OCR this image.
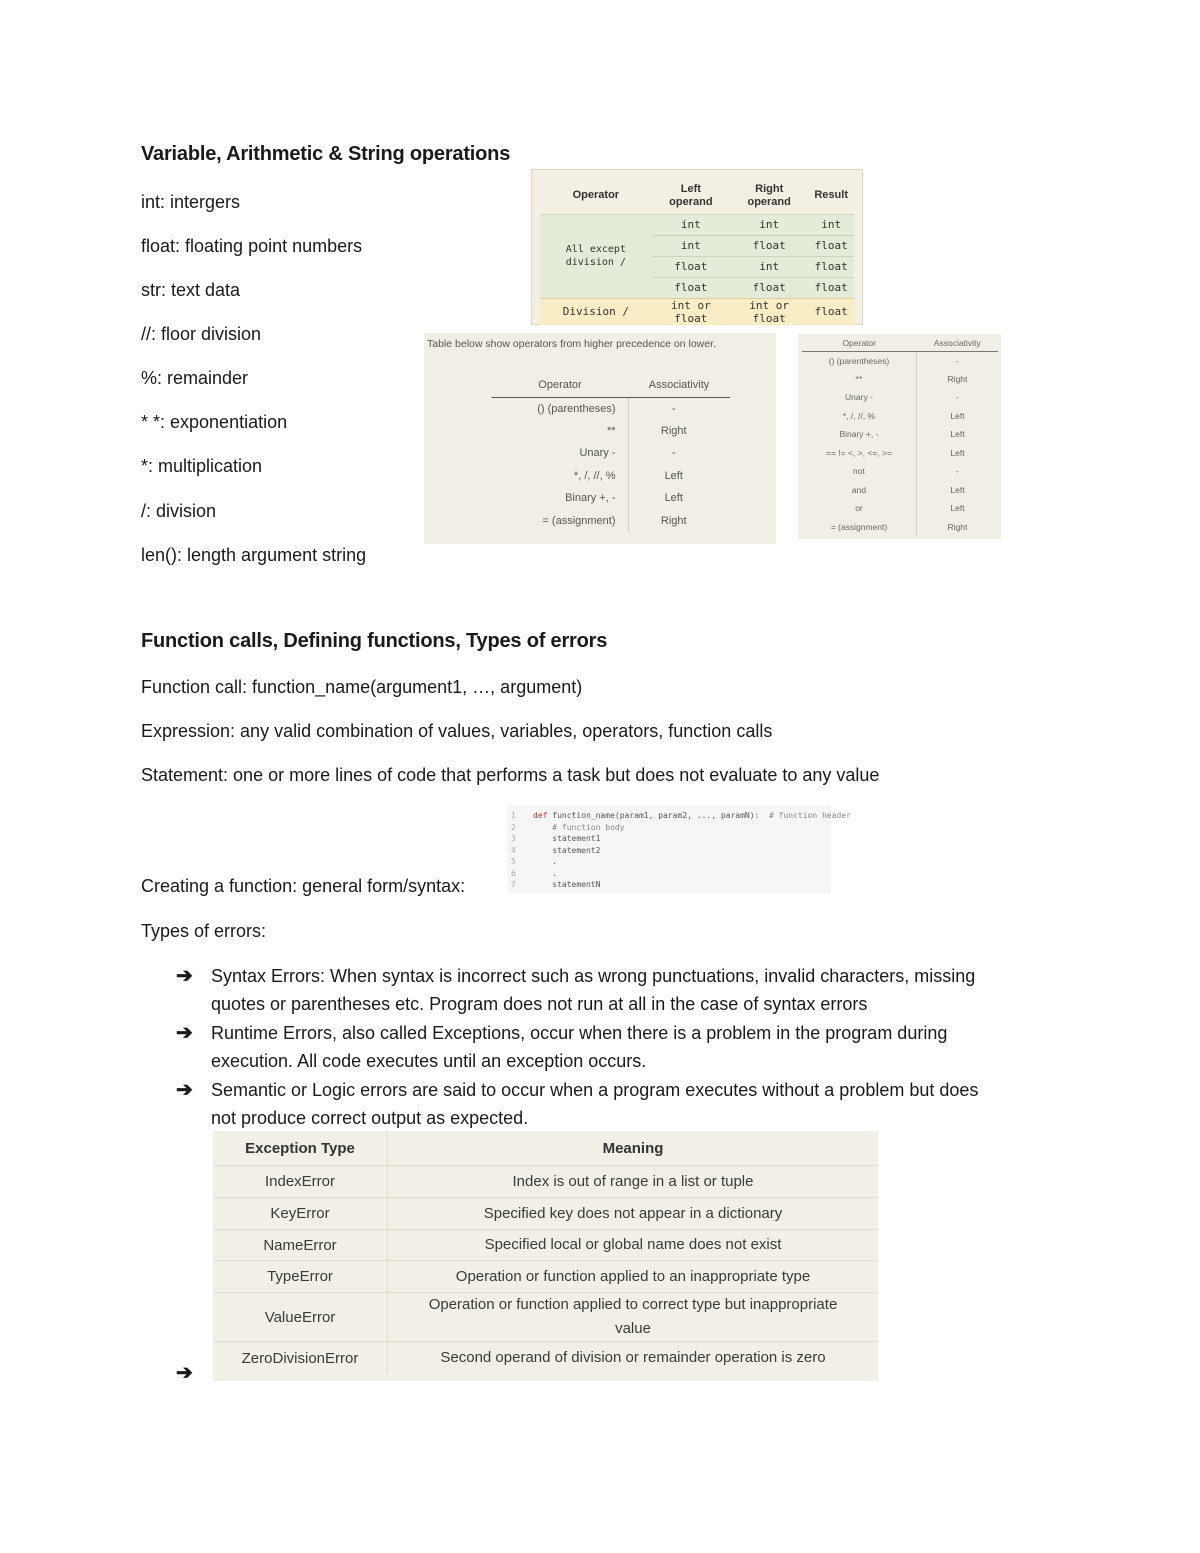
Variable, Arithmetic & String operations
int: intergers
float: floating point numbers
str: text data
//: floor division
%: remainder
* *: exponentiation
*: multiplication
/: division
len(): length argument string
Operator	Left operand	Right operand	Result
All except division /	int	int	int
	int	float	float
	float	int	float
	float	float	float
Division /	int or float	int or float	float
Table below show operators from higher precedence on lower.
Operator	Associativity
() (parentheses)	-
**	Right
Unary -	-
*, /, //, %	Left
Binary +, -	Left
= (assignment)	Right
Operator	Associativity
() (parentheses)	-
**	Right
Unary -	-
*, /, //, %	Left
Binary +, -	Left
== != <, >, <=, >=	Left
not	-
and	Left
or	Left
= (assignment)	Right
Function calls, Defining functions, Types of errors
Function call: function_name(argument1, …, argument)
Expression: any valid combination of values, variables, operators, function calls
Statement: one or more lines of code that performs a task but does not evaluate to any value
1 def function_name(param1, param2, ..., paramN):  # function header
2	# function body
3    statement1
4    statement2
5    .
6    .
7    statementN
Creating a function: general form/syntax:
Types of errors:
➔ Syntax Errors: When syntax is incorrect such as wrong punctuations, invalid characters, missing
quotes or parentheses etc. Program does not run at all in the case of syntax errors
➔ Runtime Errors, also called Exceptions, occur when there is a problem in the program during
execution. All code executes until an exception occurs.
➔ Semantic or Logic errors are said to occur when a program executes without a problem but does
not produce correct output as expected.
Exception Type	Meaning
IndexError	Index is out of range in a list or tuple
KeyError	Specified key does not appear in a dictionary
NameError	Specified local or global name does not exist
TypeError	Operation or function applied to an inappropriate type
ValueError	Operation or function applied to correct type but inappropriate value
ZeroDivisionError	Second operand of division or remainder operation is zero
➔
